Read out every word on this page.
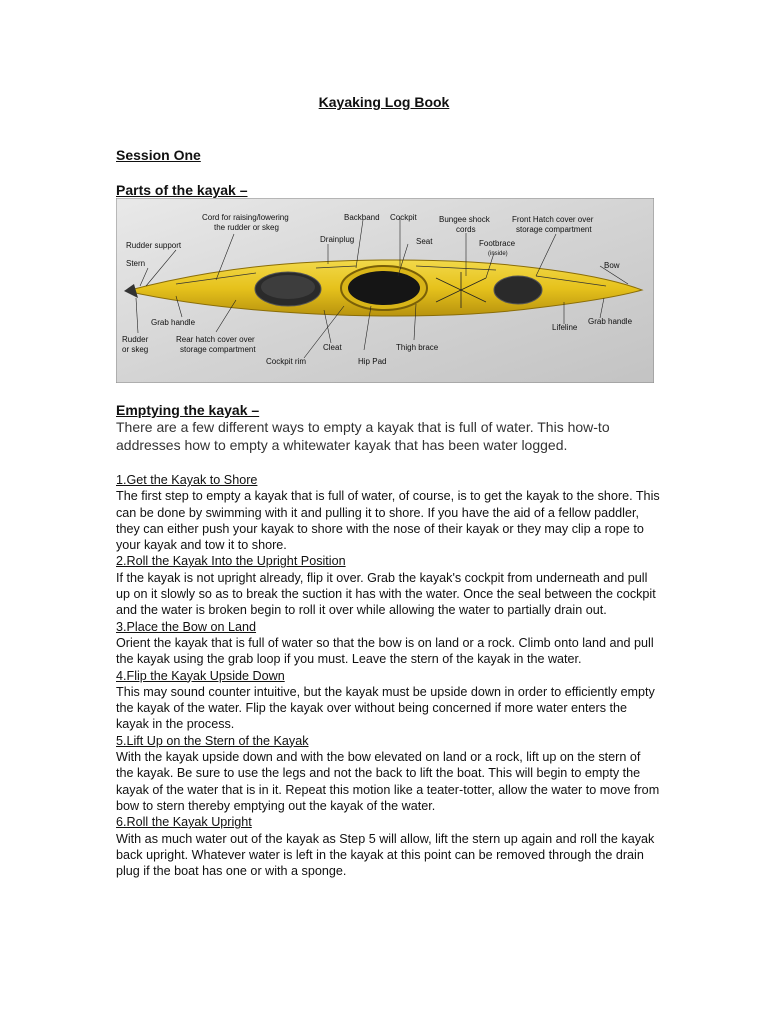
Kayaking Log Book
Session One
Parts of the kayak –
Cord for raising/lowering
the rudder or skeg
Backband Cockpit	Bungee shock
cords
Front Hatch cover over
storage compartment
Rudder support
Drainplug	Seat	Footbrace
(inside)
Stern	Bow
Grab handle
Lifeline
Grab handle
Rudder
or skeg
Rear hatch cover over
storage compartment	Cleat	Thigh brace
Cockpit rim	Hip Pad
Emptying the kayak –
There are a few different ways to empty a kayak that is full of water. This how-to addresses how to empty a whitewater kayak that has been water logged.
1.Get the Kayak to Shore

The first step to empty a kayak that is full of water, of course, is to get the kayak to the shore. This can be done by swimming with it and pulling it to shore. If you have the aid of a fellow paddler, they can either push your kayak to shore with the nose of their kayak or they may clip a rope to your kayak and tow it to shore.

2.Roll the Kayak Into the Upright Position

If the kayak is not upright already, flip it over. Grab the kayak's cockpit from underneath and pull up on it slowly so as to break the suction it has with the water. Once the seal between the cockpit and the water is broken begin to roll it over while allowing the water to partially drain out.

3.Place the Bow on Land

Orient the kayak that is full of water so that the bow is on land or a rock. Climb onto land and pull the kayak using the grab loop if you must. Leave the stern of the kayak in the water.

4.Flip the Kayak Upside Down

This may sound counter intuitive, but the kayak must be upside down in order to efficiently empty the kayak of the water. Flip the kayak over without being concerned if more water enters the kayak in the process.

5.Lift Up on the Stern of the Kayak

With the kayak upside down and with the bow elevated on land or a rock, lift up on the stern of the kayak. Be sure to use the legs and not the back to lift the boat. This will begin to empty the kayak of the water that is in it. Repeat this motion like a teater-totter, allow the water to move from bow to stern thereby emptying out the kayak of the water.

6.Roll the Kayak Upright

With as much water out of the kayak as Step 5 will allow, lift the stern up again and roll the kayak back upright. Whatever water is left in the kayak at this point can be removed through the drain plug if the boat has one or with a sponge.
